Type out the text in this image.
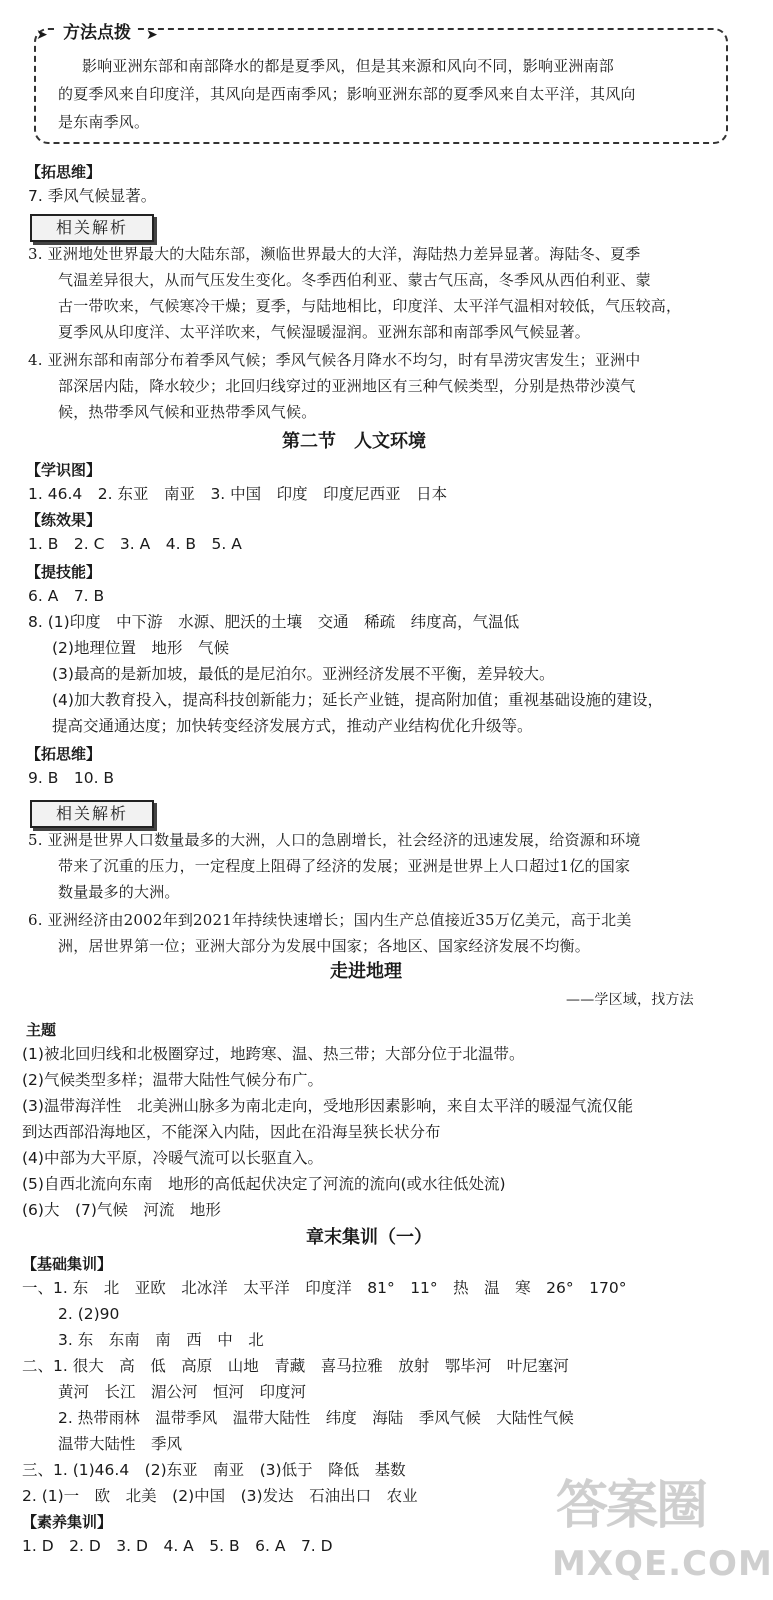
➤	➤
方法点拨
影响亚洲东部和南部降水的都是夏季风，但是其来源和风向不同，影响亚洲南部
的夏季风来自印度洋，其风向是西南季风；影响亚洲东部的夏季风来自太平洋，其风向
是东南季风。
【拓思维】
7. 季风气候显著。
相关解析
3. 亚洲地处世界最大的大陆东部，濒临世界最大的大洋，海陆热力差异显著。海陆冬、夏季
气温差异很大，从而气压发生变化。冬季西伯利亚、蒙古气压高，冬季风从西伯利亚、蒙
古一带吹来，气候寒冷干燥；夏季，与陆地相比，印度洋、太平洋气温相对较低，气压较高，
夏季风从印度洋、太平洋吹来，气候湿暖湿润。亚洲东部和南部季风气候显著。
4. 亚洲东部和南部分布着季风气候；季风气候各月降水不均匀，时有旱涝灾害发生；亚洲中
部深居内陆，降水较少；北回归线穿过的亚洲地区有三种气候类型，分别是热带沙漠气
候，热带季风气候和亚热带季风气候。
第二节　人文环境
【学识图】
1. 46.4　2. 东亚　南亚　3. 中国　印度　印度尼西亚　日本
【练效果】
1. B　2. C　3. A　4. B　5. A
【提技能】
6. A　7. B
8. (1)印度　中下游　水源、肥沃的土壤　交通　稀疏　纬度高，气温低
(2)地理位置　地形　气候
(3)最高的是新加坡，最低的是尼泊尔。亚洲经济发展不平衡，差异较大。
(4)加大教育投入，提高科技创新能力；延长产业链，提高附加值；重视基础设施的建设，
提高交通通达度；加快转变经济发展方式，推动产业结构优化升级等。
【拓思维】
9. B　10. B
相关解析
5. 亚洲是世界人口数量最多的大洲，人口的急剧增长，社会经济的迅速发展，给资源和环境
带来了沉重的压力，一定程度上阻碍了经济的发展；亚洲是世界上人口超过1亿的国家
数量最多的大洲。
6. 亚洲经济由2002年到2021年持续快速增长；国内生产总值接近35万亿美元，高于北美
洲，居世界第一位；亚洲大部分为发展中国家；各地区、国家经济发展不均衡。
走进地理
——学区域，找方法
主题
(1)被北回归线和北极圈穿过，地跨寒、温、热三带；大部分位于北温带。
(2)气候类型多样；温带大陆性气候分布广。
(3)温带海洋性　北美洲山脉多为南北走向，受地形因素影响，来自太平洋的暖湿气流仅能
到达西部沿海地区，不能深入内陆，因此在沿海呈狭长状分布
(4)中部为大平原，冷暖气流可以长驱直入。
(5)自西北流向东南　地形的高低起伏决定了河流的流向(或水往低处流)
(6)大　(7)气候　河流　地形
章末集训（一）
【基础集训】
一、1. 东　北　亚欧　北冰洋　太平洋　印度洋　81°　11°　热　温　寒　26°　170°
2. (2)90
3. 东　东南　南　西　中　北
二、1. 很大　高　低　高原　山地　青藏　喜马拉雅　放射　鄂毕河　叶尼塞河
黄河　长江　湄公河　恒河　印度河
2. 热带雨林　温带季风　温带大陆性　纬度　海陆　季风气候　大陆性气候
温带大陆性　季风
三、1. (1)46.4　(2)东亚　南亚　(3)低于　降低　基数
2. (1)一　欧　北美　(2)中国　(3)发达　石油出口　农业
【素养集训】
1. D　2. D　3. D　4. A　5. B　6. A　7. D
答案圈
MXQE.COM
